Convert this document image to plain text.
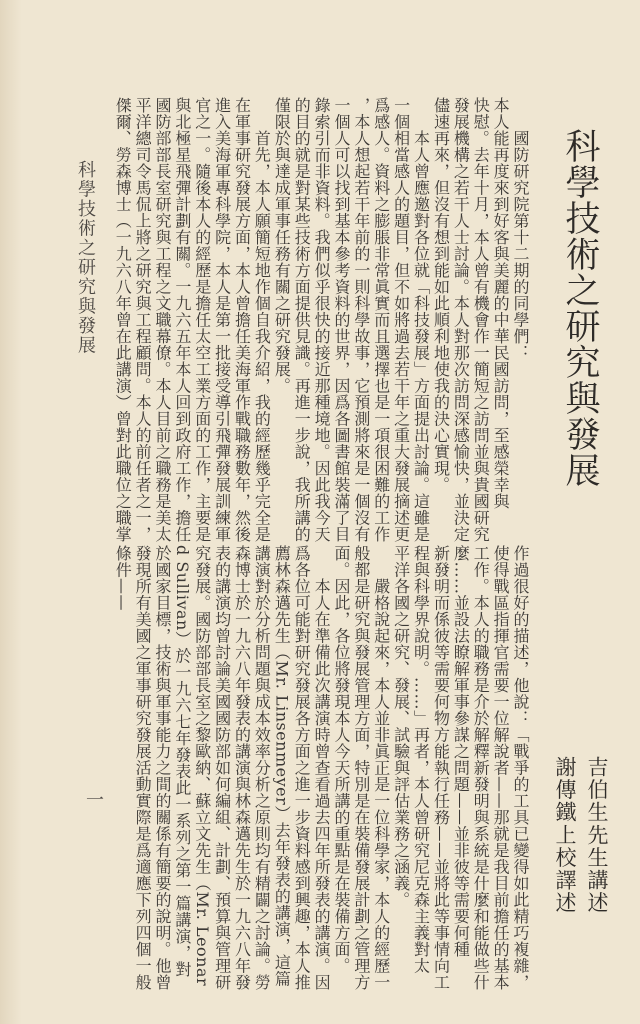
科學技術之研究與發展
吉伯生先生講述
謝傳鐵上校譯述
　　國防研究院第十二期的同學們：
本人能再度來到好客與美麗的中華民國訪問，至感榮幸與
快慰。去年十月，本人曾有機會作一簡短之訪問並與貴國研究
發展機構之若干人士討論。本人對那次訪問深感愉快，並決定
儘速再來，但沒有想到能如此順利地使我的決心實現。
　　本人曾應邀對各位就「科技發展」方面提出討論。這雖是
一個相當感人的題目，但不如將過去若干年之重大發展摘述更
爲感人。資料之膨脹非常眞實而且選擇也是一項很困難的工作
，本人想起若干年前的一則科學故事，它預測將來是一個沒有
一個人可以找到基本參考資料的世界，因爲各圖書館裝滿了目
錄索引而非資料。我們似乎很快的接近那種境地。因此我今天
的目的就是對某些技術方面提供見識。再進一步說，我所講的
僅限於與達成軍事任務有關之研究發展。
　　首先，本人願簡短地作個自我介紹，我的經歷幾乎完全是
在軍事研究發展方面，本人曾擔任美海軍作戰職務數年，然後
進入美海軍專科學院，本人是第一批接受導引飛彈發展訓練軍
官之一。隨後本人的經歷是擔任太空工業方面的工作，主要是
與北極星飛彈計劃有關。一九六五年本人回到政府工作，擔任
國防部部長室研究與工程之文職幕僚。本人目前之職務是美太
平洋總司令馬侃上將之研究與工程顧問。本人的前任者之一，
傑爾、勞森博士（一九六八年曾在此講演）曾對此職位之職掌
作過很好的描述，他說：「戰爭的工具已變得如此精巧複雜，
使得戰區指揮官需要一位解說者——那就是我目前擔任的基本
工作。本人的職務是介於解釋新發明與系統是什麼和能做些什
麼……並設法瞭解軍事參謀之問題——並非彼等需要何種
新發明而係彼等需要何物方能執行任務——並將此等事情向工
程與科學界說明。……」再者，本人曾研究尼克森主義對太
平洋各國之研究、發展、試驗與評估業務之涵義。
　　嚴格說起來，本人並非眞正是一位科學家，本人的經歷一
般都是研究與發展管理方面，特別是在裝備發展計劃之管理方
面。因此，各位將發現本人今天所講的重點是在裝備方面。
　　本人在準備此次講演時曾查看過去四年所發表的講演。因
爲各位可能對研究發展各方面之進一步資料感到興趣，本人推
薦林森邁先生（Mr. Linsenmeyer）去年發表的講演，這篇
講演對於分析問題與成本效率分析之原則均有精闢之討論。勞
森博士於一九六八年發表的講演與林森邁先生於一九六八年發
表的講演均曾討論美國國防部如何編組、計劃、預算與管理研
究發展。國防部部長室之黎歐納、蘇立文先生（Mr. Leonar
d Sullivan）於一九六七年發表此一系列之第一篇講演，對
於國家目標，技術與軍事能力之間的關係有簡要的說明。他曾
發現所有美國之軍事研究發展活動實際是爲適應下列四個一般
條件——
科學技術之研究與發展
一
